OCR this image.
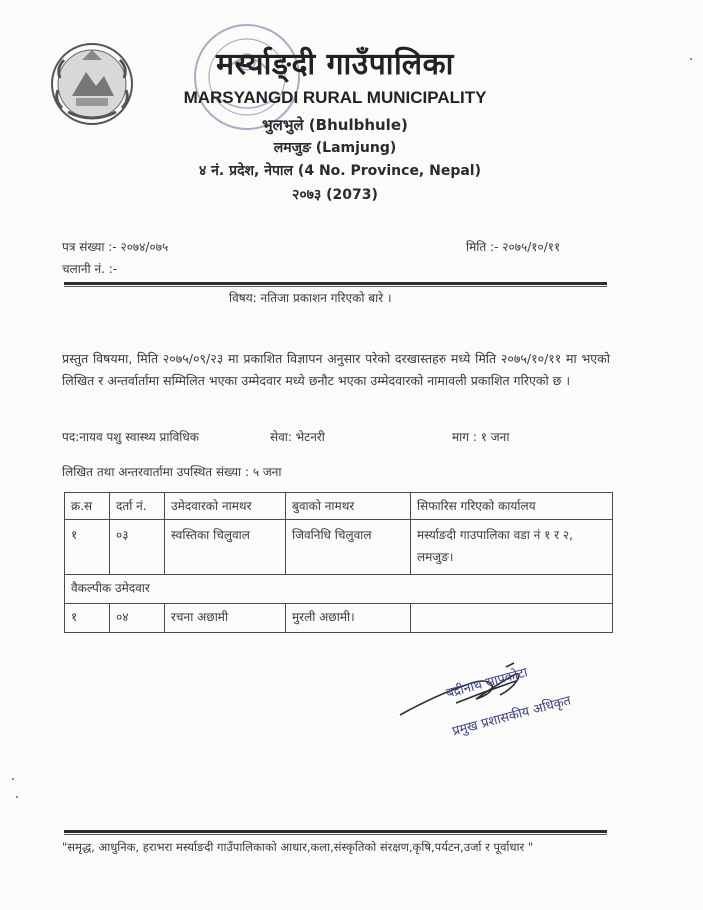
मर्स्याङ्दी गाउँपालिका
MARSYANGDI RURAL MUNICIPALITY
भुलभुले (Bhulbhule)
लमजुङ (Lamjung)
४ नं. प्रदेश, नेपाल (4 No. Province, Nepal)
२०७३ (2073)
पत्र संख्या :- २०७४/०७५	मिति :- २०७५/१०/११
चलानी नं. :-
विषय: नतिजा प्रकाशन गरिएको बारे ।
प्रस्तुत विषयमा, मिति २०७५/०९/२३ मा प्रकाशित विज्ञापन अनुसार परेको दरखास्तहरु मध्ये मिति २०७५/१०/११ मा भएको लिखित र अन्तर्वार्तामा सम्मिलित भएका उम्मेदवार मध्ये छनौट भएका उम्मेदवारको नामावली प्रकाशित गरिएको छ ।
पद:नायव पशु स्वास्थ्य प्राविधिक	सेवा: भेटनरी	माग : १ जना
लिखित तथा अन्तरवार्तामा उपस्थित संख्या : ५ जना
क्र.स	दर्ता नं.	उमेदवारको नामथर	बुवाको नामथर	सिफारिस गरिएको कार्यालय
१	०३	स्वस्तिका चिलुवाल	जिवनिधि चिलुवाल	मर्स्याङदी गाउपालिका वडा नं १ र २, लमजुङ।
वैकल्पीक उमेदवार				
१	०४	रचना अछामी	मुरली अछामी।	
बद्रीनाथ सापकोटा
प्रमुख प्रशासकीय अधिकृत
"समृद्ध, आधुनिक, हराभरा मर्स्याङदी गाउँपालिकाको आधार,कला,संस्कृतिको संरक्षण,कृषि,पर्यटन,उर्जा र पूर्वाधार "
